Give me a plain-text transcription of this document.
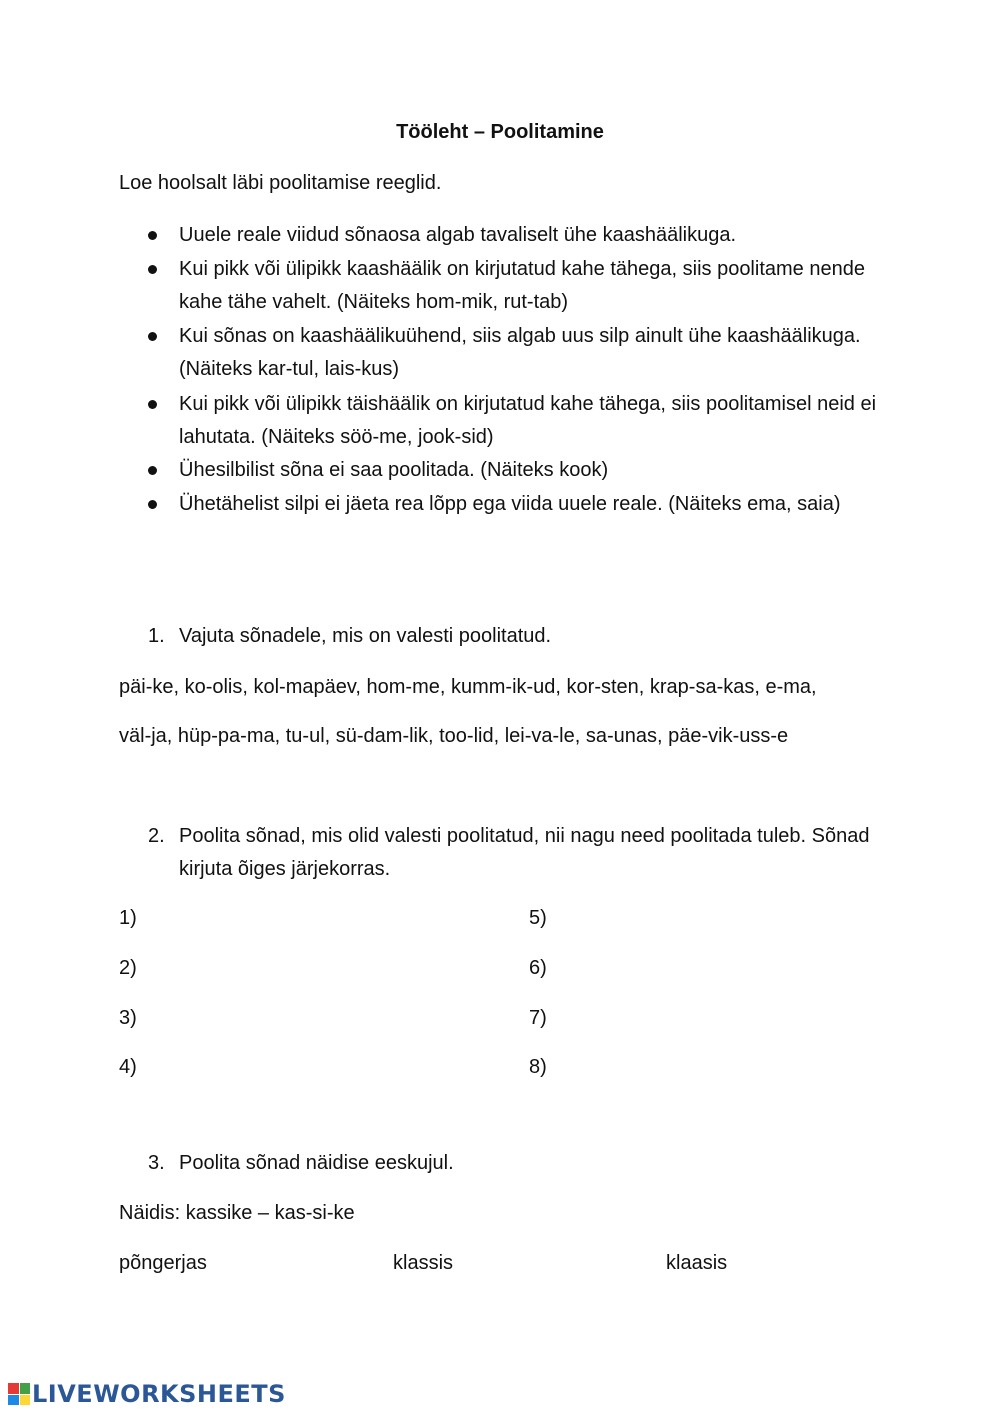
Tööleht – Poolitamine
Loe hoolsalt läbi poolitamise reeglid.
Uuele reale viidud sõnaosa algab tavaliselt ühe kaashäälikuga.
Kui pikk või ülipikk kaashäälik on kirjutatud kahe tähega, siis poolitame nende kahe tähe vahelt. (Näiteks hom-mik, rut-tab)
Kui sõnas on kaashäälikuühend, siis algab uus silp ainult ühe kaashäälikuga. (Näiteks kar-tul, lais-kus)
Kui pikk või ülipikk täishäälik on kirjutatud kahe tähega, siis poolitamisel neid ei lahutata. (Näiteks söö-me, jook-sid)
Ühesilbilist sõna ei saa poolitada. (Näiteks kook)
Ühetähelist silpi ei jäeta rea lõpp ega viida uuele reale. (Näiteks ema, saia)
1. Vajuta sõnadele, mis on valesti poolitatud.
päi-ke, ko-olis, kol-mapäev, hom-me, kumm-ik-ud, kor-sten, krap-sa-kas, e-ma,
väl-ja, hüp-pa-ma, tu-ul, sü-dam-lik, too-lid, lei-va-le, sa-unas, päe-vik-uss-e
2. Poolita sõnad, mis olid valesti poolitatud, nii nagu need poolitada tuleb. Sõnad kirjuta õiges järjekorras.
1)
2)
3)
4)
5)
6)
7)
8)
3. Poolita sõnad näidise eeskujul.
Näidis: kassike – kas-si-ke
põngerjas	klassis	klaasis
LIVEWORKSHEETS
